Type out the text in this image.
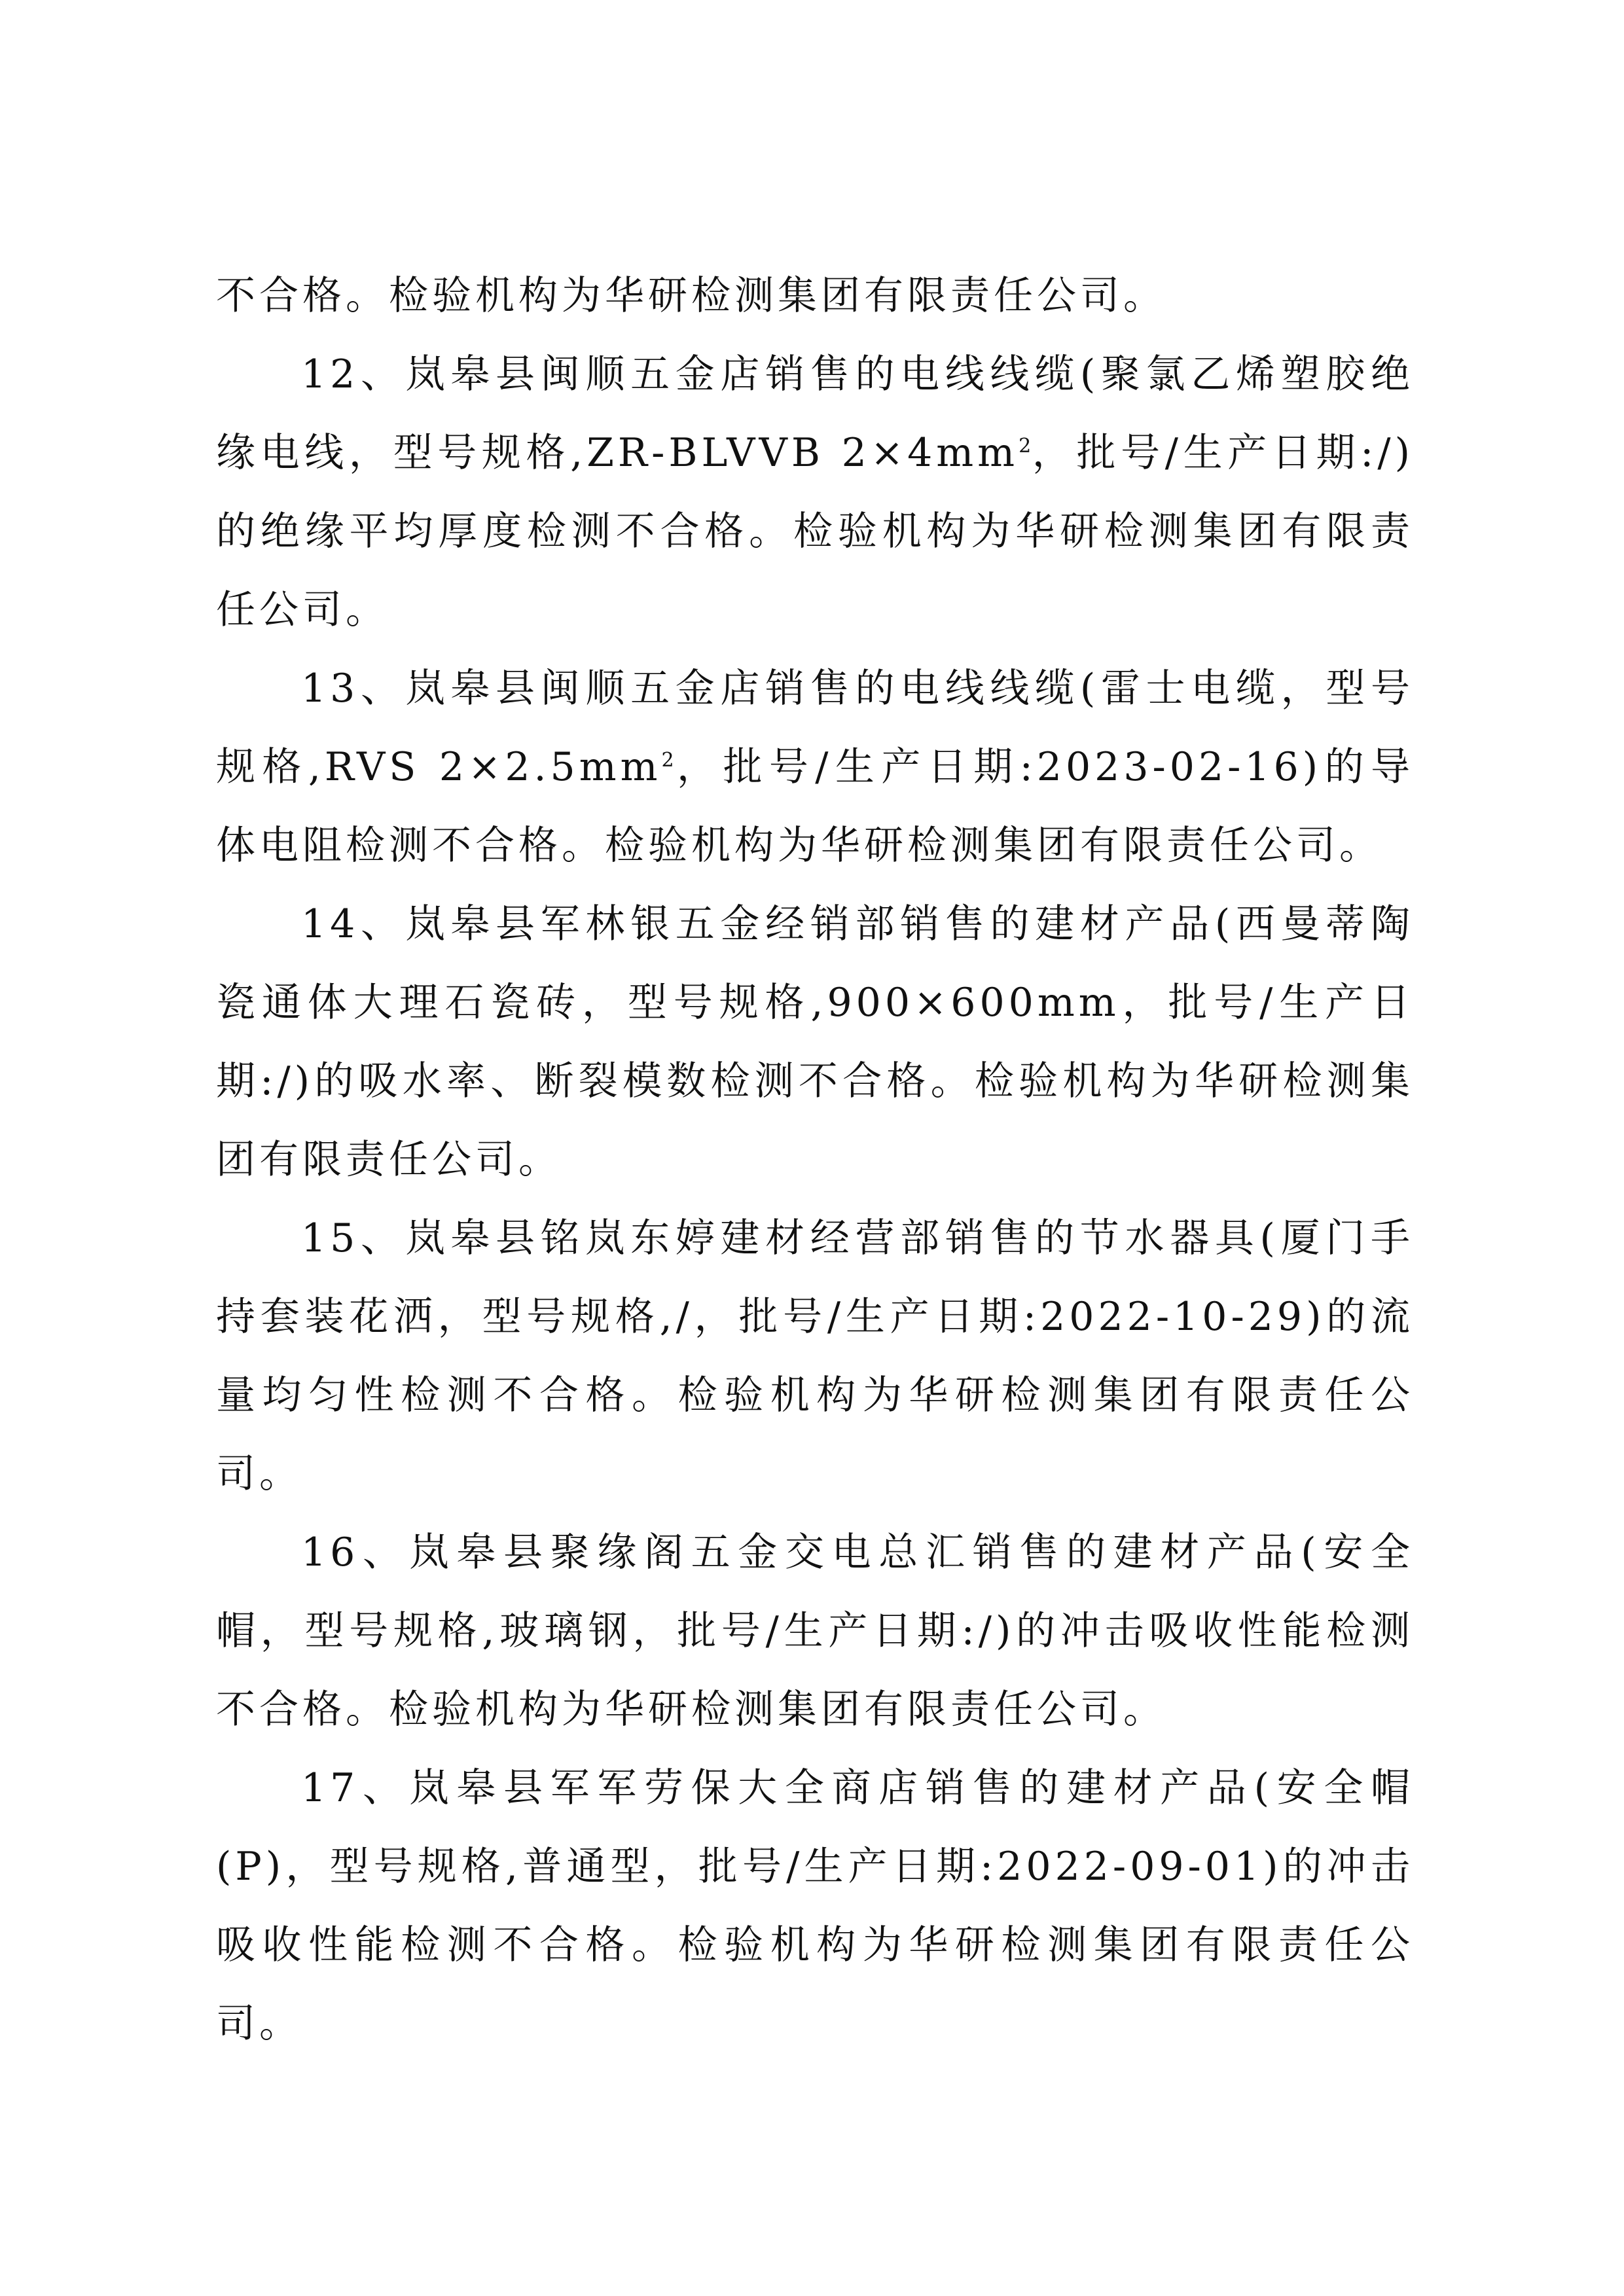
不合格。检验机构为华研检测集团有限责任公司。

12、岚皋县闽顺五金店销售的电线线缆(聚氯乙烯塑胶绝缘电线，型号规格,ZR-BLVVB $2\times 4mm^2$，批号/生产日期:/)的绝缘平均厚度检测不合格。检验机构为华研检测集团有限责任公司。

13、岚皋县闽顺五金店销售的电线线缆(雷士电缆，型号规格,RVS $2\times 2.5mm^2$，批号/生产日期:2023-02-16)的导体电阻检测不合格。检验机构为华研检测集团有限责任公司。

14、岚皋县军林银五金经销部销售的建材产品(西曼蒂陶瓷通体大理石瓷砖，型号规格,900×600mm，批号/生产日期:/)的吸水率、断裂模数检测不合格。检验机构为华研检测集团有限责任公司。

15、岚皋县铭岚东婷建材经营部销售的节水器具(厦门手持套装花洒，型号规格,/，批号/生产日期:2022-10-29)的流量均匀性检测不合格。检验机构为华研检测集团有限责任公司。

16、岚皋县聚缘阁五金交电总汇销售的建材产品(安全帽，型号规格,玻璃钢，批号/生产日期:/)的冲击吸收性能检测不合格。检验机构为华研检测集团有限责任公司。

17、岚皋县军军劳保大全商店销售的建材产品(安全帽(P)，型号规格,普通型，批号/生产日期:2022-09-01)的冲击吸收性能检测不合格。检验机构为华研检测集团有限责任公司。
